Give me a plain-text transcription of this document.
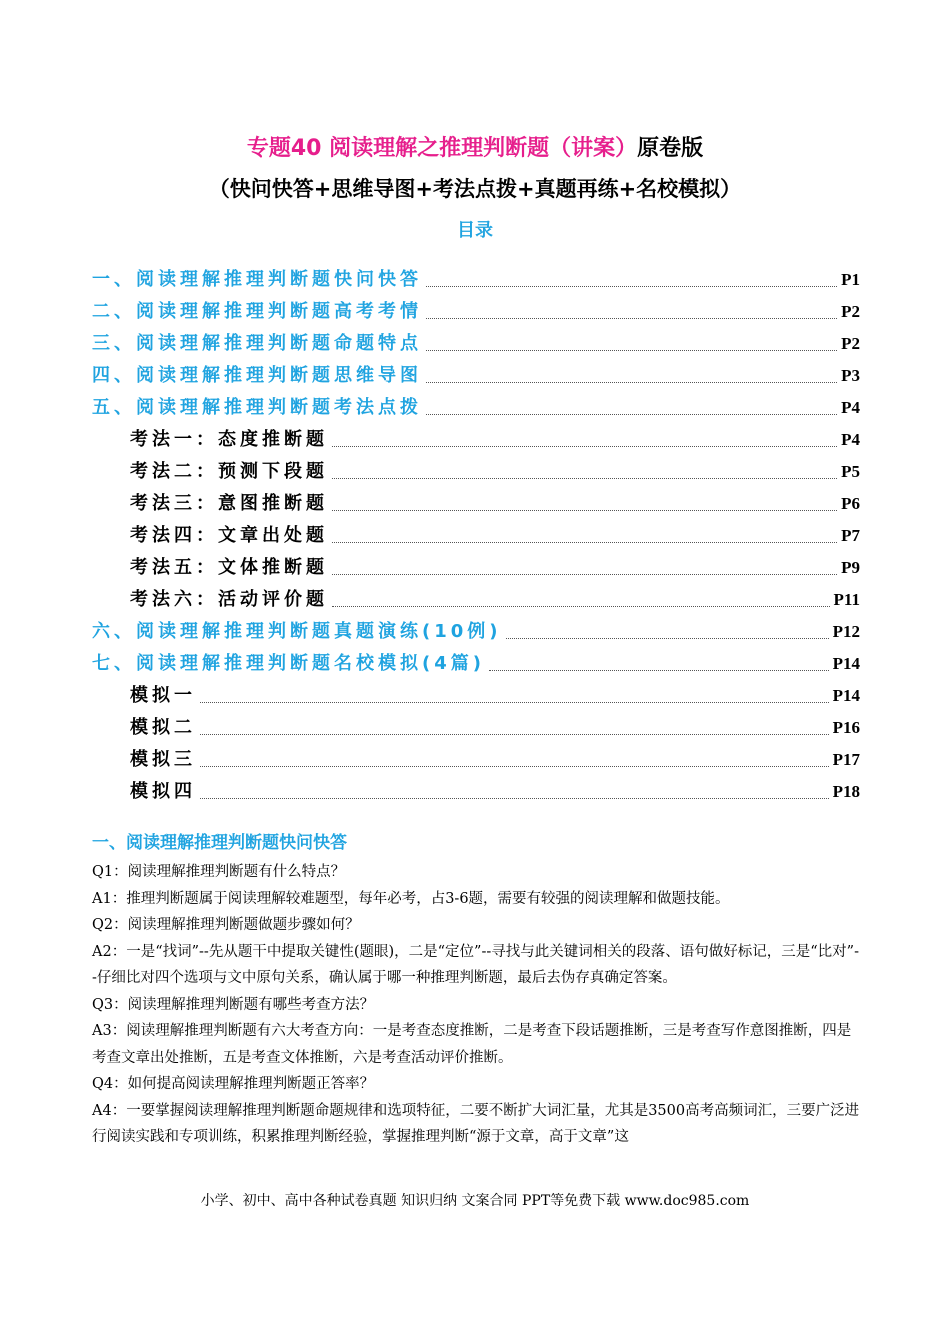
专题40 阅读理解之推理判断题（讲案）原卷版
（快问快答+思维导图+考法点拨+真题再练+名校模拟）
目录
一、阅读理解推理判断题快问快答	P1
二、阅读理解推理判断题高考考情	P2
三、阅读理解推理判断题命题特点	P2
四、阅读理解推理判断题思维导图	P3
五、阅读理解推理判断题考法点拨	P4
考法一：态度推断题	P4
考法二：预测下段题	P5
考法三：意图推断题	P6
考法四：文章出处题	P7
考法五：文体推断题	P9
考法六：活动评价题	P11
六、阅读理解推理判断题真题演练(10例)	P12
七、阅读理解推理判断题名校模拟(4篇)	P14
模拟一	P14
模拟二	P16
模拟三	P17
模拟四	P18
一、阅读理解推理判断题快问快答

Q1：阅读理解推理判断题有什么特点？

A1：推理判断题属于阅读理解较难题型，每年必考，占3-6题，需要有较强的阅读理解和做题技能。

Q2：阅读理解推理判断题做题步骤如何？

A2：一是“找词”--先从题干中提取关键性(题眼)，二是“定位”--寻找与此关键词相关的段落、语句做好标记，三是“比对”--仔细比对四个选项与文中原句关系，确认属于哪一种推理判断题，最后去伪存真确定答案。

Q3：阅读理解推理判断题有哪些考查方法？

A3：阅读理解推理判断题有六大考查方向：一是考查态度推断，二是考查下段话题推断，三是考查写作意图推断，四是考查文章出处推断，五是考查文体推断，六是考查活动评价推断。

Q4：如何提高阅读理解推理判断题正答率？

A4：一要掌握阅读理解推理判断题命题规律和选项特征，二要不断扩大词汇量，尤其是3500高考高频词汇，三要广泛进行阅读实践和专项训练，积累推理判断经验，掌握推理判断“源于文章，高于文章”这

小学、初中、高中各种试卷真题 知识归纳 文案合同 PPT等免费下载 www.doc985.com
